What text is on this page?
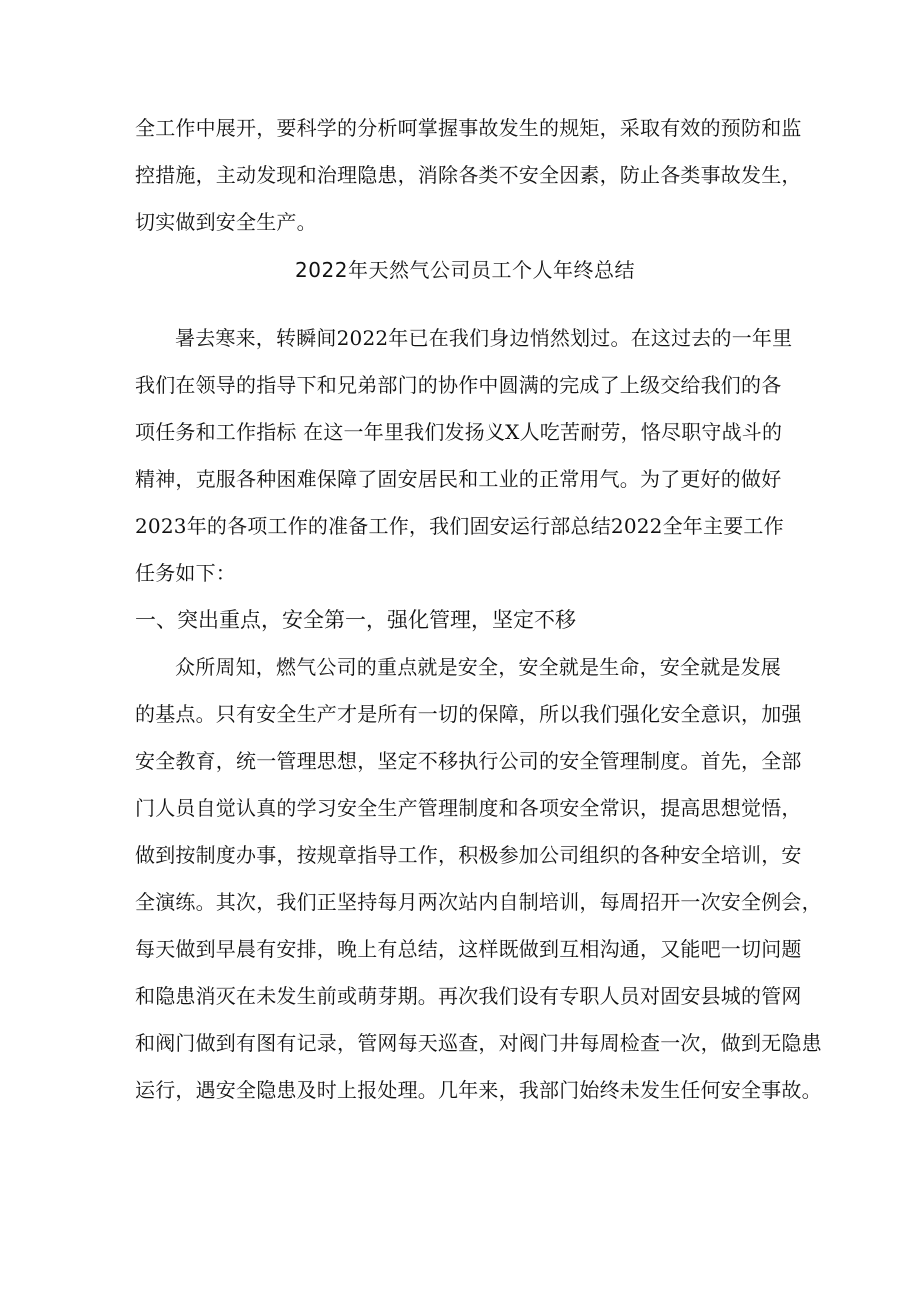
全工作中展开，要科学的分析呵掌握事故发生的规矩，采取有效的预防和监
控措施，主动发现和治理隐患，消除各类不安全因素，防止各类事故发生，
切实做到安全生产。
2022年天然气公司员工个人年终总结
暑去寒来，转瞬间2022年已在我们身边悄然划过。在这过去的一年里
我们在领导的指导下和兄弟部门的协作中圆满的完成了上级交给我们的各
项任务和工作指标 在这一年里我们发扬义X人吃苦耐劳，恪尽职守战斗的
精神，克服各种困难保障了固安居民和工业的正常用气。为了更好的做好
2023年的各项工作的准备工作，我们固安运行部总结2022全年主要工作
任务如下：
一、突出重点，安全第一，强化管理，坚定不移
众所周知，燃气公司的重点就是安全，安全就是生命，安全就是发展
的基点。只有安全生产才是所有一切的保障，所以我们强化安全意识，加强
安全教育，统一管理思想，坚定不移执行公司的安全管理制度。首先，全部
门人员自觉认真的学习安全生产管理制度和各项安全常识，提高思想觉悟，
做到按制度办事，按规章指导工作，积极参加公司组织的各种安全培训，安
全演练。其次，我们正坚持每月两次站内自制培训，每周招开一次安全例会，
每天做到早晨有安排，晚上有总结，这样既做到互相沟通，又能吧一切问题
和隐患消灭在未发生前或萌芽期。再次我们设有专职人员对固安县城的管网
和阀门做到有图有记录，管网每天巡查，对阀门井每周检查一次，做到无隐患
运行，遇安全隐患及时上报处理。几年来，我部门始终未发生任何安全事故。
